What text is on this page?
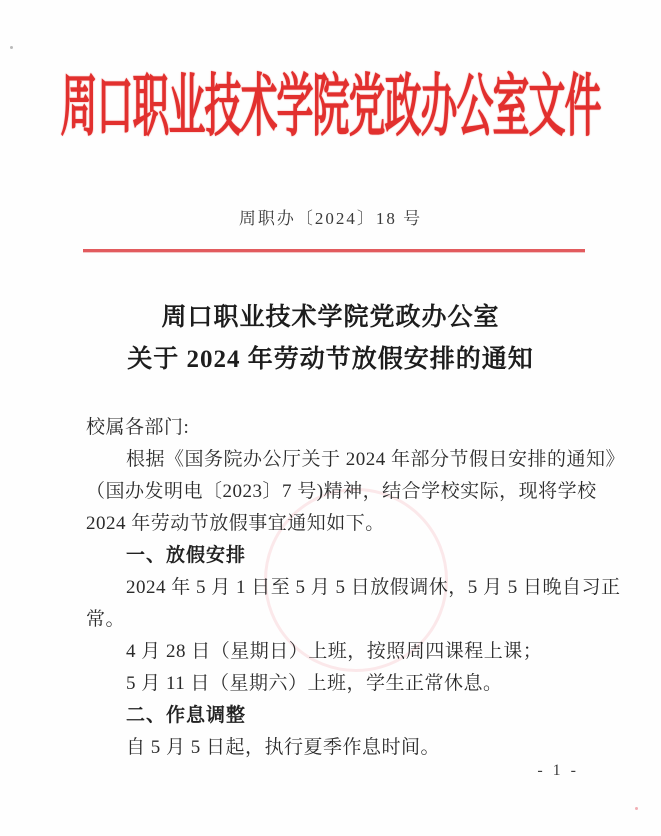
周口职业技术学院党政办公室文件
周职办〔2024〕18 号
周口职业技术学院党政办公室
关于 2024 年劳动节放假安排的通知
校属各部门:
根据《国务院办公厅关于 2024 年部分节假日安排的通知》
（国办发明电〔2023〕7 号)精神，结合学校实际，现将学校
2024 年劳动节放假事宜通知如下。
一、放假安排
2024 年 5 月 1 日至 5 月 5 日放假调休，5 月 5 日晚自习正
常。
4 月 28 日（星期日）上班，按照周四课程上课；
5 月 11 日（星期六）上班，学生正常休息。
二、作息调整
自 5 月 5 日起，执行夏季作息时间。
- 1 -
